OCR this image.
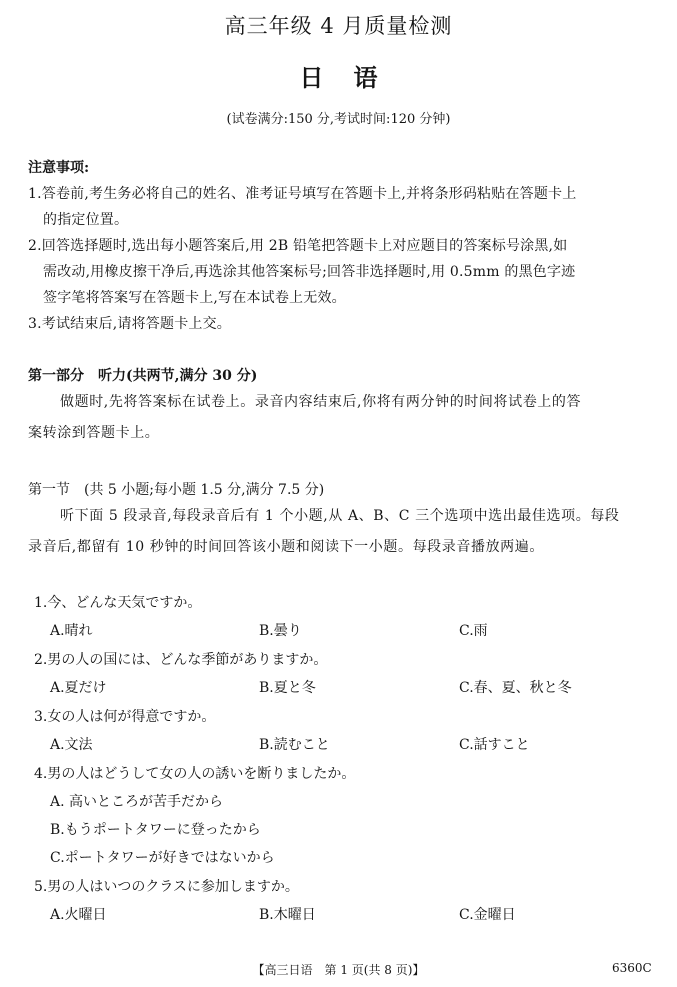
高三年级 4 月质量检测
日语
(试卷满分:150 分,考试时间:120 分钟)
注意事项:
1.答卷前,考生务必将自己的姓名、准考证号填写在答题卡上,并将条形码粘贴在答题卡上
的指定位置。
2.回答选择题时,选出每小题答案后,用 2B 铅笔把答题卡上对应题目的答案标号涂黑,如
需改动,用橡皮擦干净后,再选涂其他答案标号;回答非选择题时,用 0.5mm 的黑色字迹
签字笔将答案写在答题卡上,写在本试卷上无效。
3.考试结束后,请将答题卡上交。
第一部分 听力(共两节,满分 30 分)
做题时,先将答案标在试卷上。录音内容结束后,你将有两分钟的时间将试卷上的答
案转涂到答题卡上。
第一节 (共 5 小题;每小题 1.5 分,满分 7.5 分)
听下面 5 段录音,每段录音后有 1 个小题,从 A、B、C 三个选项中选出最佳选项。每段
录音后,都留有 10 秒钟的时间回答该小题和阅读下一小题。每段录音播放两遍。
1.今、どんな天気ですか。
A.晴れ	B.曇り	C.雨
2.男の人の国には、どんな季節がありますか。
A.夏だけ	B.夏と冬	C.春、夏、秋と冬
3.女の人は何が得意ですか。
A.文法	B.読むこと	C.話すこと
4.男の人はどうして女の人の誘いを断りましたか。
A. 高いところが苦手だから
B.もうポートタワーに登ったから
C.ポートタワーが好きではないから
5.男の人はいつのクラスに参加しますか。
A.火曜日	B.木曜日	C.金曜日
【高三日语　第 1 页(共 8 页)】	6360C
